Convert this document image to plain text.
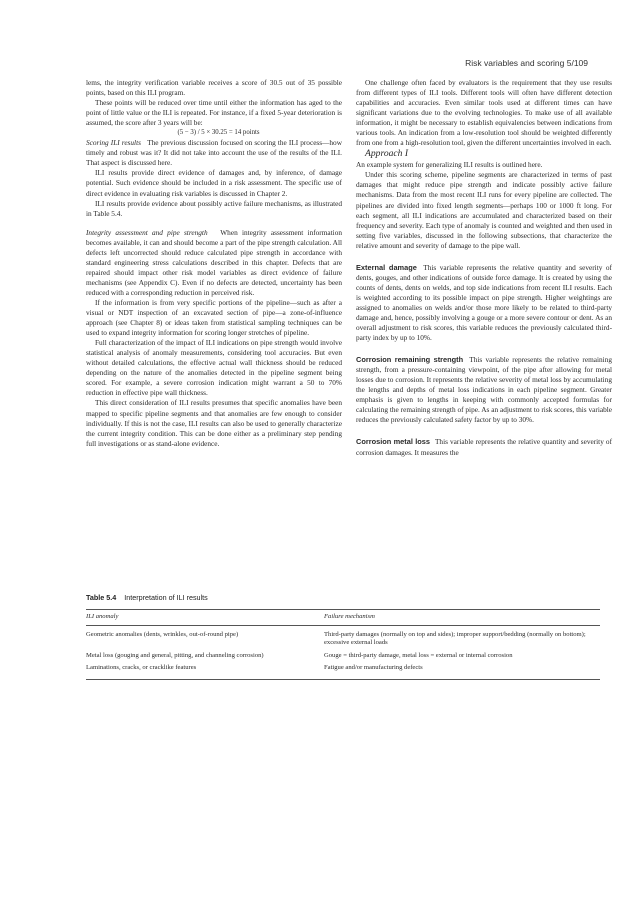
Risk variables and scoring 5/109

lems, the integrity verification variable receives a score of 30.5 out of 35 possible points, based on this ILI program.

These points will be reduced over time until either the information has aged to the point of little value or the ILI is repeated. For instance, if a fixed 5-year deterioration is assumed, the score after 3 years will be:

(5 − 3) / 5 × 30.25 = 14 points

Scoring ILI results The previous discussion focused on scoring the ILI process—how timely and robust was it? It did not take into account the use of the results of the ILI. That aspect is discussed here.

ILI results provide direct evidence of damages and, by inference, of damage potential. Such evidence should be included in a risk assessment. The specific use of direct evidence in evaluating risk variables is discussed in Chapter 2.

ILI results provide evidence about possibly active failure mechanisms, as illustrated in Table 5.4.

Integrity assessment and pipe strength When integrity assessment information becomes available, it can and should become a part of the pipe strength calculation. All defects left uncorrected should reduce calculated pipe strength in accordance with standard engineering stress calculations described in this chapter. Defects that are repaired should impact other risk model variables as direct evidence of failure mechanisms (see Appendix C). Even if no defects are detected, uncertainty has been reduced with a corresponding reduction in perceived risk.

If the information is from very specific portions of the pipeline—such as after a visual or NDT inspection of an excavated section of pipe—a zone-of-influence approach (see Chapter 8) or ideas taken from statistical sampling techniques can be used to expand integrity information for scoring longer stretches of pipeline.

Full characterization of the impact of ILI indications on pipe strength would involve statistical analysis of anomaly measurements, considering tool accuracies. But even without detailed calculations, the effective actual wall thickness should be reduced depending on the nature of the anomalies detected in the pipeline segment being scored. For example, a severe corrosion indication might warrant a 50 to 70% reduction in effective pipe wall thickness.

This direct consideration of ILI results presumes that specific anomalies have been mapped to specific pipeline segments and that anomalies are few enough to consider individually. If this is not the case, ILI results can also be used to generally characterize the current integrity condition. This can be done either as a preliminary step pending full investigations or as stand-alone evidence.

One challenge often faced by evaluators is the requirement that they use results from different types of ILI tools. Different tools will often have different detection capabilities and accuracies. Even similar tools used at different times can have significant variations due to the evolving technologies. To make use of all available information, it might be necessary to establish equivalencies between indications from various tools. An indication from a low-resolution tool should be weighted differently from one from a high-resolution tool, given the different uncertainties involved in each.

Approach I

An example system for generalizing ILI results is outlined here.

Under this scoring scheme, pipeline segments are characterized in terms of past damages that might reduce pipe strength and indicate possibly active failure mechanisms. Data from the most recent ILI runs for every pipeline are collected. The pipelines are divided into fixed length segments—perhaps 100 or 1000 ft long. For each segment, all ILI indications are accumulated and characterized based on their frequency and severity. Each type of anomaly is counted and weighted and then used in setting five variables, discussed in the following subsections, that characterize the relative amount and severity of damage to the pipe wall.

External damage This variable represents the relative quantity and severity of dents, gouges, and other indications of outside force damage. It is created by using the counts of dents, dents on welds, and top side indications from recent ILI results. Each is weighted according to its possible impact on pipe strength. Higher weightings are assigned to anomalies on welds and/or those more likely to be related to third-party damage and, hence, possibly involving a gouge or a more severe contour or dent. As an overall adjustment to risk scores, this variable reduces the previously calculated third-party index by up to 10%.

Corrosion remaining strength This variable represents the relative remaining strength, from a pressure-containing viewpoint, of the pipe after allowing for metal losses due to corrosion. It represents the relative severity of metal loss by accumulating the lengths and depths of metal loss indications in each pipeline segment. Greater emphasis is given to lengths in keeping with commonly accepted formulas for calculating the remaining strength of pipe. As an adjustment to risk scores, this variable reduces the previously calculated safety factor by up to 30%.

Corrosion metal loss This variable represents the relative quantity and severity of corrosion damages. It measures the

Table 5.4 Interpretation of ILI results
ILI anomaly	Failure mechanism
Geometric anomalies (dents, wrinkles, out-of-round pipe)	Third-party damages (normally on top and sides); improper support/bedding (normally on bottom); excessive external loads
Metal loss (gouging and general, pitting, and channeling corrosion)	Gouge = third-party damage, metal loss = external or internal corrosion
Laminations, cracks, or cracklike features	Fatigue and/or manufacturing defects
